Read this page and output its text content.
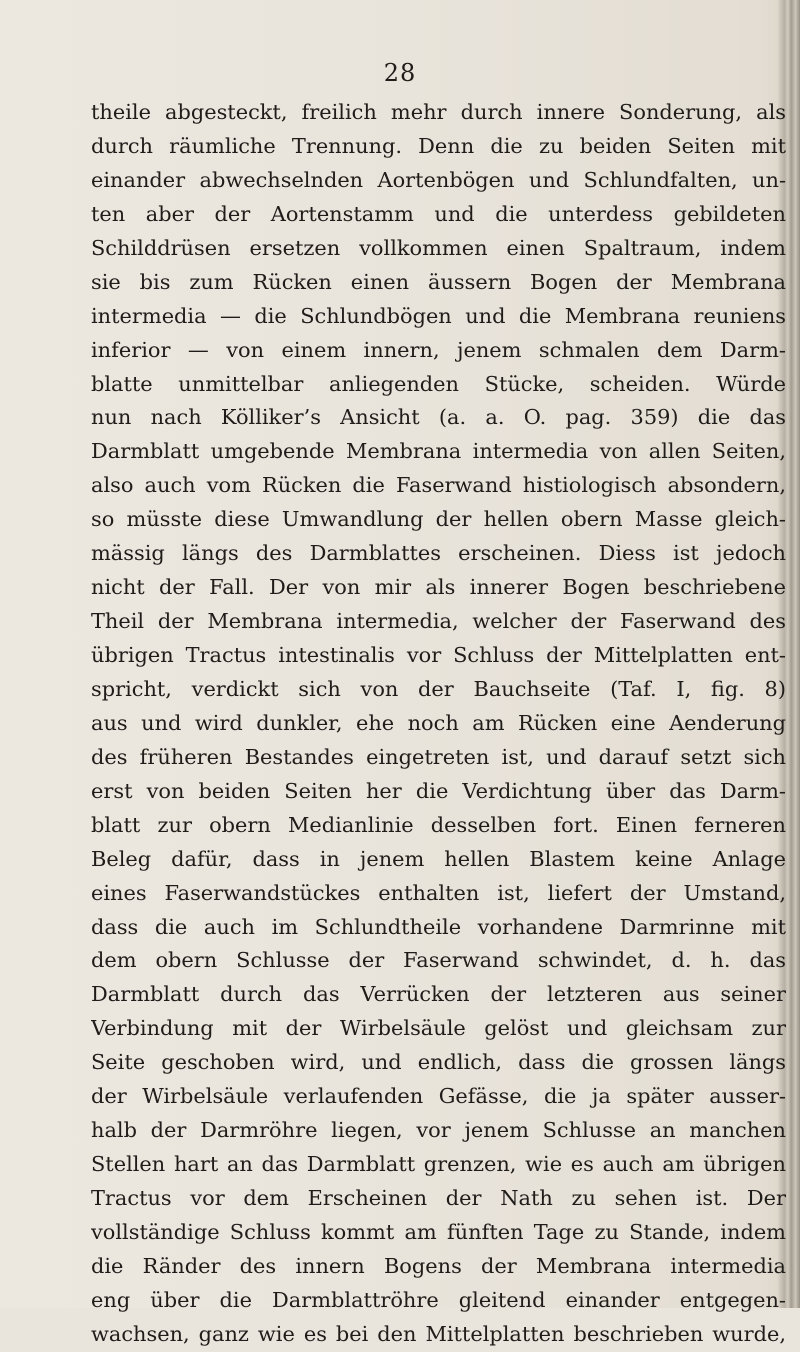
28
theile abgesteckt, freilich mehr durch innere Sonderung, als
durch räumliche Trennung. Denn die zu beiden Seiten mit
einander abwechselnden Aortenbögen und Schlundfalten, un-
ten aber der Aortenstamm und die unterdess gebildeten
Schilddrüsen ersetzen vollkommen einen Spaltraum, indem
sie bis zum Rücken einen äussern Bogen der Membrana
intermedia — die Schlundbögen und die Membrana reuniens
inferior — von einem innern, jenem schmalen dem Darm-
blatte unmittelbar anliegenden Stücke, scheiden. Würde
nun nach Kölliker’s Ansicht (a. a. O. pag. 359) die das
Darmblatt umgebende Membrana intermedia von allen Seiten,
also auch vom Rücken die Faserwand histiologisch absondern,
so müsste diese Umwandlung der hellen obern Masse gleich-
mässig längs des Darmblattes erscheinen. Diess ist jedoch
nicht der Fall. Der von mir als innerer Bogen beschriebene
Theil der Membrana intermedia, welcher der Faserwand des
übrigen Tractus intestinalis vor Schluss der Mittelplatten ent-
spricht, verdickt sich von der Bauchseite (Taf. I, fig. 8)
aus und wird dunkler, ehe noch am Rücken eine Aenderung
des früheren Bestandes eingetreten ist, und darauf setzt sich
erst von beiden Seiten her die Verdichtung über das Darm-
blatt zur obern Medianlinie desselben fort. Einen ferneren
Beleg dafür, dass in jenem hellen Blastem keine Anlage
eines Faserwandstückes enthalten ist, liefert der Umstand,
dass die auch im Schlundtheile vorhandene Darmrinne mit
dem obern Schlusse der Faserwand schwindet, d. h. das
Darmblatt durch das Verrücken der letzteren aus seiner
Verbindung mit der Wirbelsäule gelöst und gleichsam zur
Seite geschoben wird, und endlich, dass die grossen längs
der Wirbelsäule verlaufenden Gefässe, die ja später ausser-
halb der Darmröhre liegen, vor jenem Schlusse an manchen
Stellen hart an das Darmblatt grenzen, wie es auch am übrigen
Tractus vor dem Erscheinen der Nath zu sehen ist. Der
vollständige Schluss kommt am fünften Tage zu Stande, indem
die Ränder des innern Bogens der Membrana intermedia
eng über die Darmblattröhre gleitend einander entgegen-
wachsen, ganz wie es bei den Mittelplatten beschrieben wurde,
